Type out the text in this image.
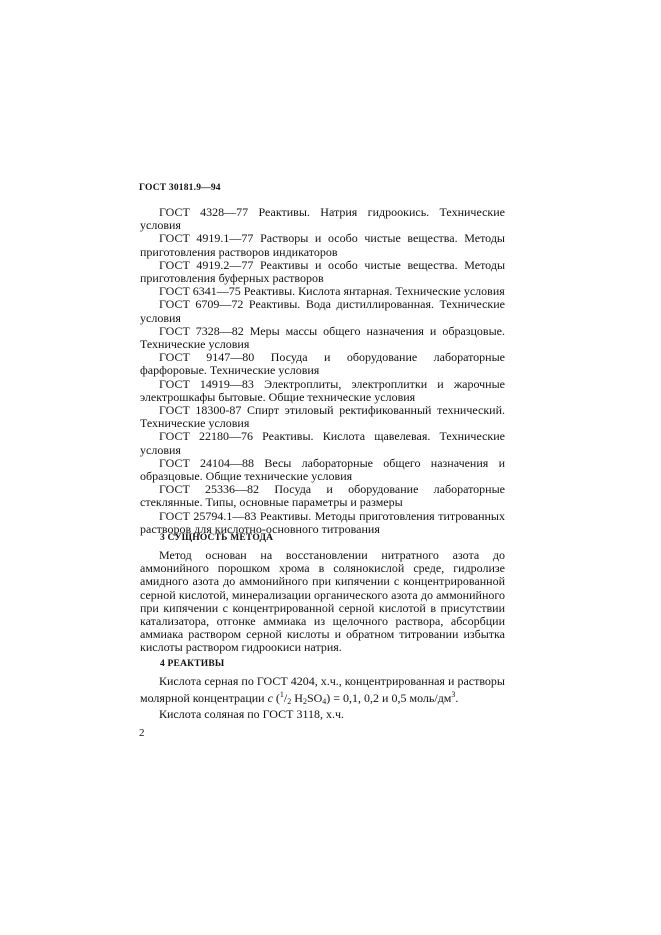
ГОСТ 30181.9—94

ГОСТ 4328—77 Реактивы. Натрия гидроокись. Технические условия

ГОСТ 4919.1—77 Растворы и особо чистые вещества. Методы приготовления растворов индикаторов

ГОСТ 4919.2—77 Реактивы и особо чистые вещества. Методы приготовления буферных растворов

ГОСТ 6341—75 Реактивы. Кислота янтарная. Технические условия

ГОСТ 6709—72 Реактивы. Вода дистиллированная. Технические условия

ГОСТ 7328—82 Меры массы общего назначения и образцовые. Технические условия

ГОСТ 9147—80 Посуда и оборудование лабораторные фарфоровые. Технические условия

ГОСТ 14919—83 Электроплиты, электроплитки и жарочные электрошкафы бытовые. Общие технические условия

ГОСТ 18300-87 Спирт этиловый ректификованный технический. Технические условия

ГОСТ 22180—76 Реактивы. Кислота щавелевая. Технические условия

ГОСТ 24104—88 Весы лабораторные общего назначения и образцовые. Общие технические условия

ГОСТ 25336—82 Посуда и оборудование лабораторные стеклянные. Типы, основные параметры и размеры

ГОСТ 25794.1—83 Реактивы. Методы приготовления титрованных растворов для кислотно-основного титрования

3 СУЩНОСТЬ МЕТОДА

Метод основан на восстановлении нитратного азота до аммонийного порошком хрома в солянокислой среде, гидролизе амидного азота до аммонийного при кипячении с концентрированной серной кислотой, минерализации органического азота до аммонийного при кипячении с концентрированной серной кислотой в присутствии катализатора, отгонке аммиака из щелочного раствора, абсорбции аммиака раствором серной кислоты и обратном титровании избытка кислоты раствором гидроокиси натрия.

4 РЕАКТИВЫ

Кислота серная по ГОСТ 4204, х.ч., концентрированная и растворы молярной концентрации c ($^1/_2$ $H_2SO_4) = 0,1$, 0,2 и 0,5 моль/$дм^3$.

Кислота соляная по ГОСТ 3118, х.ч.

2
